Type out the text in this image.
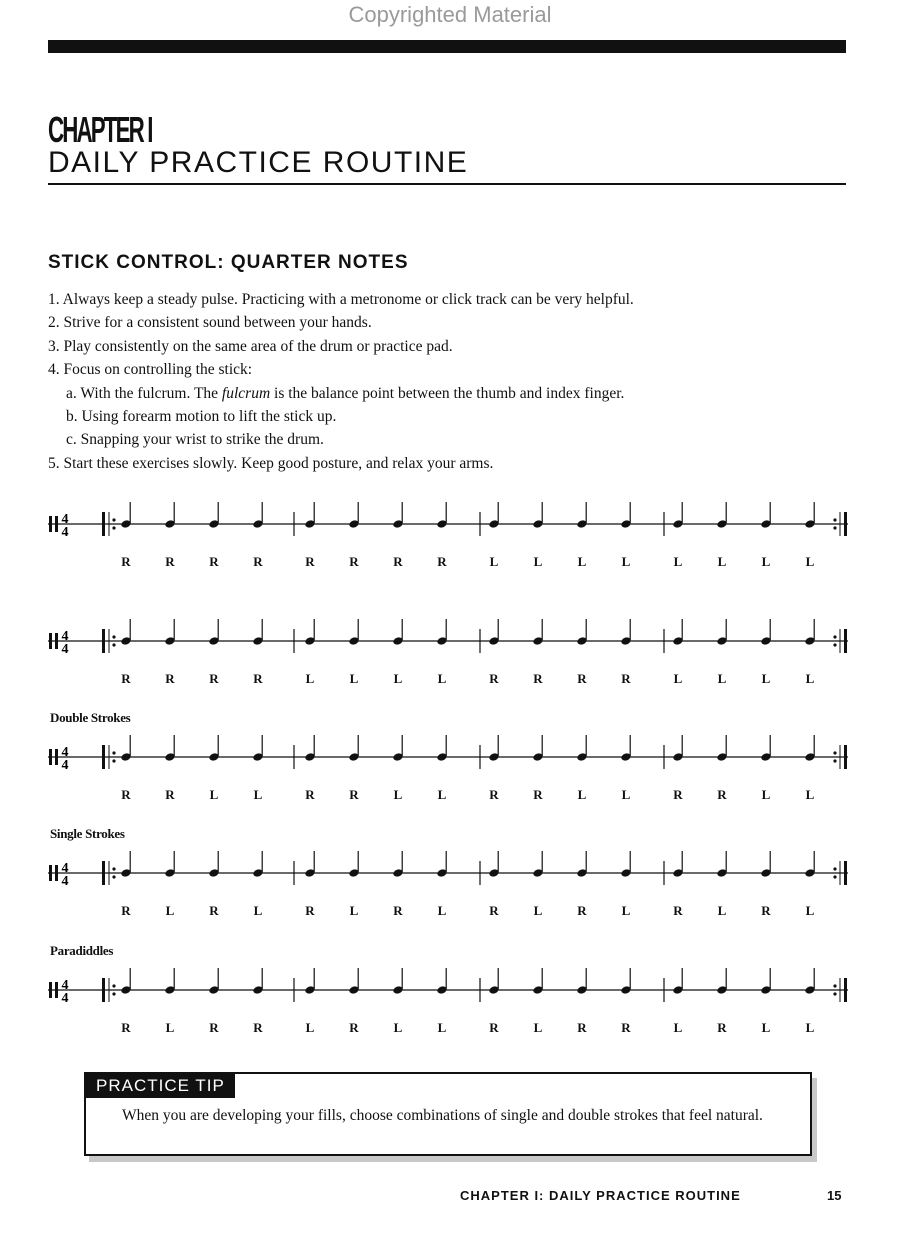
Copyrighted Material
CHAPTER I
DAILY PRACTICE ROUTINE
STICK CONTROL: QUARTER NOTES
1. Always keep a steady pulse. Practicing with a metronome or click track can be very helpful.
2. Strive for a consistent sound between your hands.
3. Play consistently on the same area of the drum or practice pad.
4. Focus on controlling the stick:
a. With the fulcrum. The fulcrum is the balance point between the thumb and index finger.
b. Using forearm motion to lift the stick up.
c. Snapping your wrist to strike the drum.
5. Start these exercises slowly. Keep good posture, and relax your arms.
Double Strokes
Single Strokes
Paradiddles
4
4
R	R	R	R	R	R	R	R	L	L	L	L	L	L	L	L
4
4
R	R	R	R	L	L	L	L	R	R	R	R	L	L	L	L
4
4
R	R	L	L	R	R	L	L	R	R	L	L	R	R	L	L
4
4
R	L	R	L	R	L	R	L	R	L	R	L	R	L	R	L
4
4
R	L	R	R	L	R	L	L	R	L	R	R	L	R	L	L
PRACTICE TIP
When you are developing your fills, choose combinations of single and double strokes that feel natural.
CHAPTER I: DAILY PRACTICE ROUTINE	15
